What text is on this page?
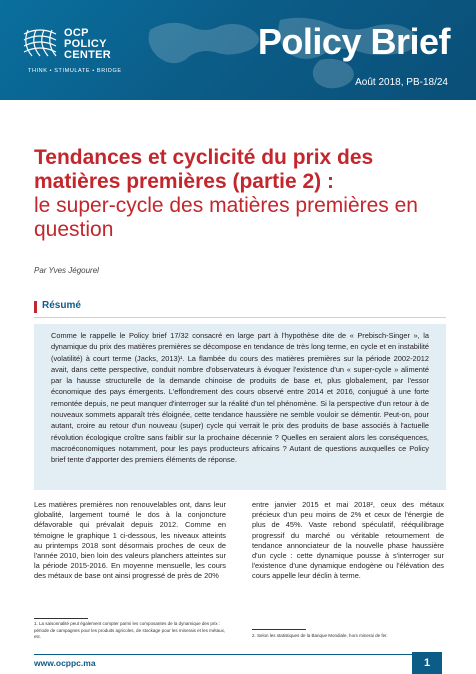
OCP
POLICY
CENTER
THINK • STIMULATE • BRIDGE
Policy Brief
Août 2018, PB-18/24
Tendances et cyclicité du prix des matières premières (partie 2) :
le super-cycle des matières premières en question
Par Yves Jégourel
Résumé

Comme le rappelle le Policy brief 17/32 consacré en large part à l'hypothèse dite de « Prebisch-Singer », la dynamique du prix des matières premières se décompose en tendance de très long terme, en cycle et en instabilité (volatilité) à court terme (Jacks, 2013)¹. La flambée du cours des matières premières sur la période 2002-2012 avait, dans cette perspective, conduit nombre d'observateurs à évoquer l'existence d'un « super-cycle » alimenté par la hausse structurelle de la demande chinoise de produits de base et, plus globalement, par l'essor économique des pays émergents. L'effondrement des cours observé entre 2014 et 2016, conjugué à une forte remontée depuis, ne peut manquer d'interroger sur la réalité d'un tel phénomène. Si la perspective d'un retour à de nouveaux sommets apparaît très éloignée, cette tendance haussière ne semble vouloir se démentir. Peut-on, pour autant, croire au retour d'un nouveau (super) cycle qui verrait le prix des produits de base associés à l'actuelle révolution écologique croître sans faiblir sur la prochaine décennie ? Quelles en seraient alors les conséquences, macroéconomiques notamment, pour les pays producteurs africains ? Autant de questions auxquelles ce Policy brief tente d'apporter des premiers éléments de réponse.

Les matières premières non renouvelables ont, dans leur globalité, largement tourné le dos à la conjoncture défavorable qui prévalait depuis 2012. Comme en témoigne le graphique 1 ci-dessous, les niveaux atteints au printemps 2018 sont désormais proches de ceux de l'année 2010, bien loin des valeurs planchers atteintes sur la période 2015-2016. En moyenne mensuelle, les cours des métaux de base ont ainsi progressé de près de 20%

entre janvier 2015 et mai 2018², ceux des métaux précieux d'un peu moins de 2% et ceux de l'énergie de plus de 45%. Vaste rebond spéculatif, rééquilibrage progressif du marché ou véritable retournement de tendance annonciateur de la nouvelle phase haussière d'un cycle : cette dynamique pousse à s'interroger sur l'existence d'une dynamique endogène ou l'élévation des cours appelle leur déclin à terme.

1. La saisonnalité peut également compter parmi les composantes de la dynamique des prix : période de campagnes pour les produits agricoles, de stockage pour les minerais et les métaux, etc.	2. Selon les statistiques de la Banque Mondiale, hors minerai de fer.

www.ocppc.ma	1
